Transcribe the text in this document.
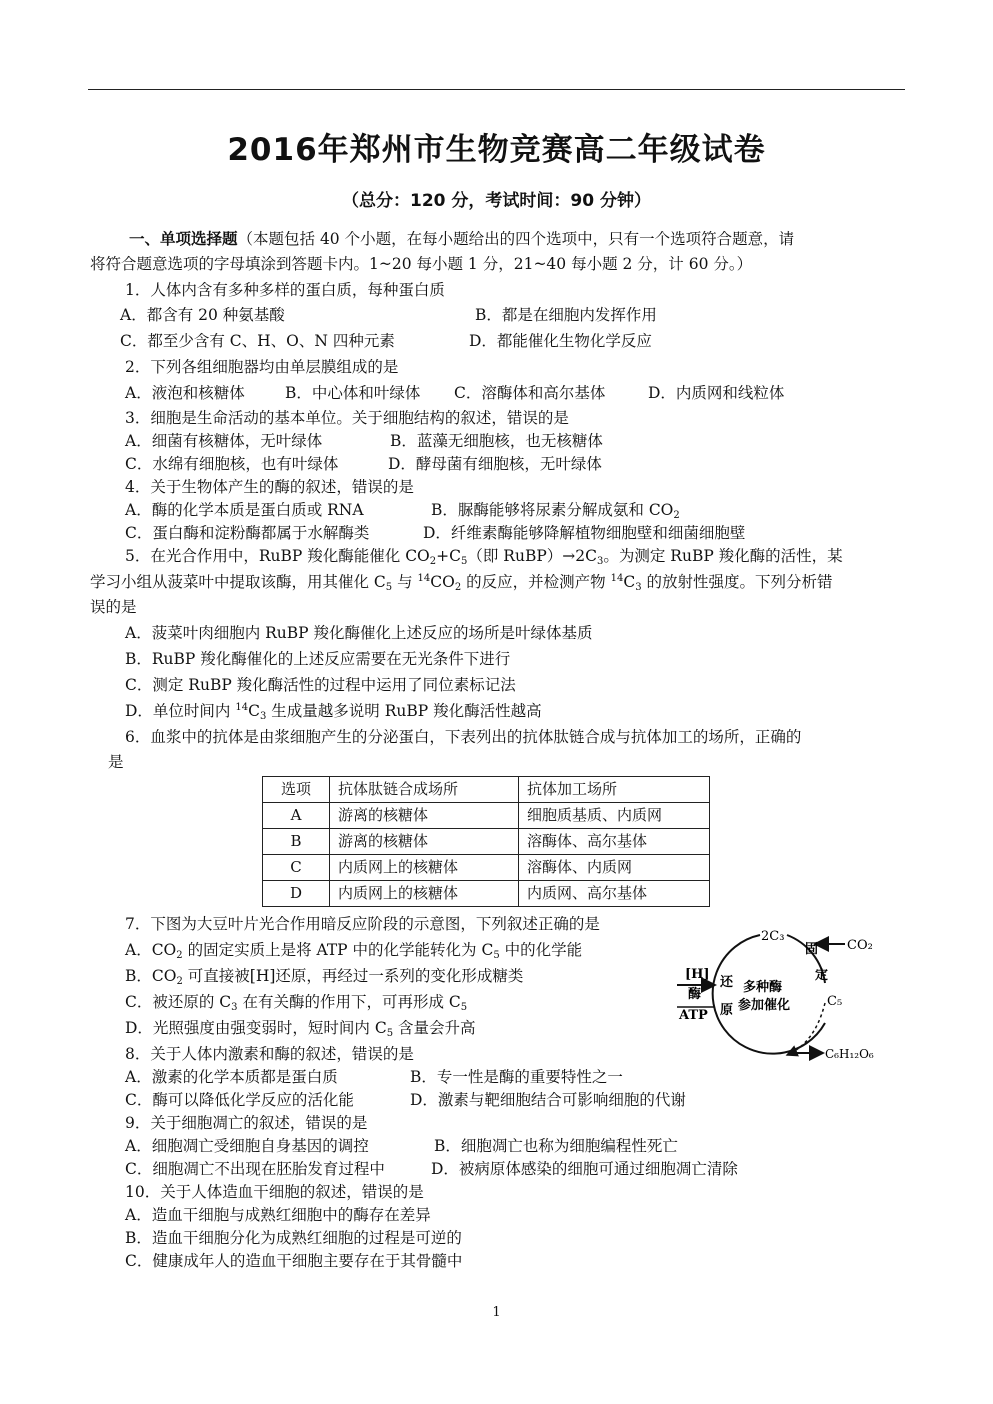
2016年郑州市生物竞赛高二年级试卷
（总分：120 分，考试时间：90 分钟）
一、单项选择题（本题包括 40 个小题，在每小题给出的四个选项中，只有一个选项符合题意，请
将符合题意选项的字母填涂到答题卡内。1~20 每小题 1 分，21~40 每小题 2 分，计 60 分。）
1．人体内含有多种多样的蛋白质，每种蛋白质
A．都含有 20 种氨基酸	B．都是在细胞内发挥作用
C．都至少含有 C、H、O、N 四种元素	D．都能催化生物化学反应
2．下列各组细胞器均由单层膜组成的是
A．液泡和核糖体	B．中心体和叶绿体 C．溶酶体和高尔基体	D．内质网和线粒体
3．细胞是生命活动的基本单位。关于细胞结构的叙述，错误的是
A．细菌有核糖体，无叶绿体	B．蓝藻无细胞核，也无核糖体
C．水绵有细胞核，也有叶绿体	D．酵母菌有细胞核，无叶绿体
4．关于生物体产生的酶的叙述，错误的是
A．酶的化学本质是蛋白质或 RNA	B．脲酶能够将尿素分解成氨和 $CO_2$
C．蛋白酶和淀粉酶都属于水解酶类	D．纤维素酶能够降解植物细胞壁和细菌细胞壁
5．在光合作用中，RuBP 羧化酶能催化 $CO_2+C_5$（即 $RuBP)\to 2C_3$。为测定 RuBP 羧化酶的活性，某
学习小组从菠菜叶中提取该酶，用其催化 $C_5$ 与 $^{14}CO_2$ 的反应，并检测产物 $^{14}C_3$ 的放射性强度。下列分析错
误的是
A．菠菜叶肉细胞内 RuBP 羧化酶催化上述反应的场所是叶绿体基质
B．RuBP 羧化酶催化的上述反应需要在无光条件下进行
C．测定 RuBP 羧化酶活性的过程中运用了同位素标记法
D．单位时间内 $^{14}C_3$ 生成量越多说明 RuBP 羧化酶活性越高
6．血浆中的抗体是由浆细胞产生的分泌蛋白，下表列出的抗体肽链合成与抗体加工的场所，正确的
是
选项	抗体肽链合成场所	抗体加工场所
A	游离的核糖体	细胞质基质、内质网
B	游离的核糖体	溶酶体、高尔基体
C	内质网上的核糖体	溶酶体、内质网
D	内质网上的核糖体	内质网、高尔基体
7．下图为大豆叶片光合作用暗反应阶段的示意图，下列叙述正确的是
A．$CO_2$ 的固定实质上是将 ATP 中的化学能转化为 $C_5$ 中的化学能
B．$CO_2$ 可直接被[H]还原，再经过一系列的变化形成糖类
C．被还原的 $C_3$ 在有关酶的作用下，可再形成 $C_5$
D．光照强度由强变弱时，短时间内 $C_5$ 含量会升高
2C₃
固
定
CO₂
[H]
酶
ATP
还
原
多种酶
参加催化	C₅
C₆H₁₂O₆
8．关于人体内激素和酶的叙述，错误的是
A．激素的化学本质都是蛋白质	B．专一性是酶的重要特性之一
C．酶可以降低化学反应的活化能	D．激素与靶细胞结合可影响细胞的代谢
9．关于细胞凋亡的叙述，错误的是
A．细胞凋亡受细胞自身基因的调控	B．细胞凋亡也称为细胞编程性死亡
C．细胞凋亡不出现在胚胎发育过程中	D．被病原体感染的细胞可通过细胞凋亡清除
10．关于人体造血干细胞的叙述，错误的是
A．造血干细胞与成熟红细胞中的酶存在差异
B．造血干细胞分化为成熟红细胞的过程是可逆的
C．健康成年人的造血干细胞主要存在于其骨髓中
1
